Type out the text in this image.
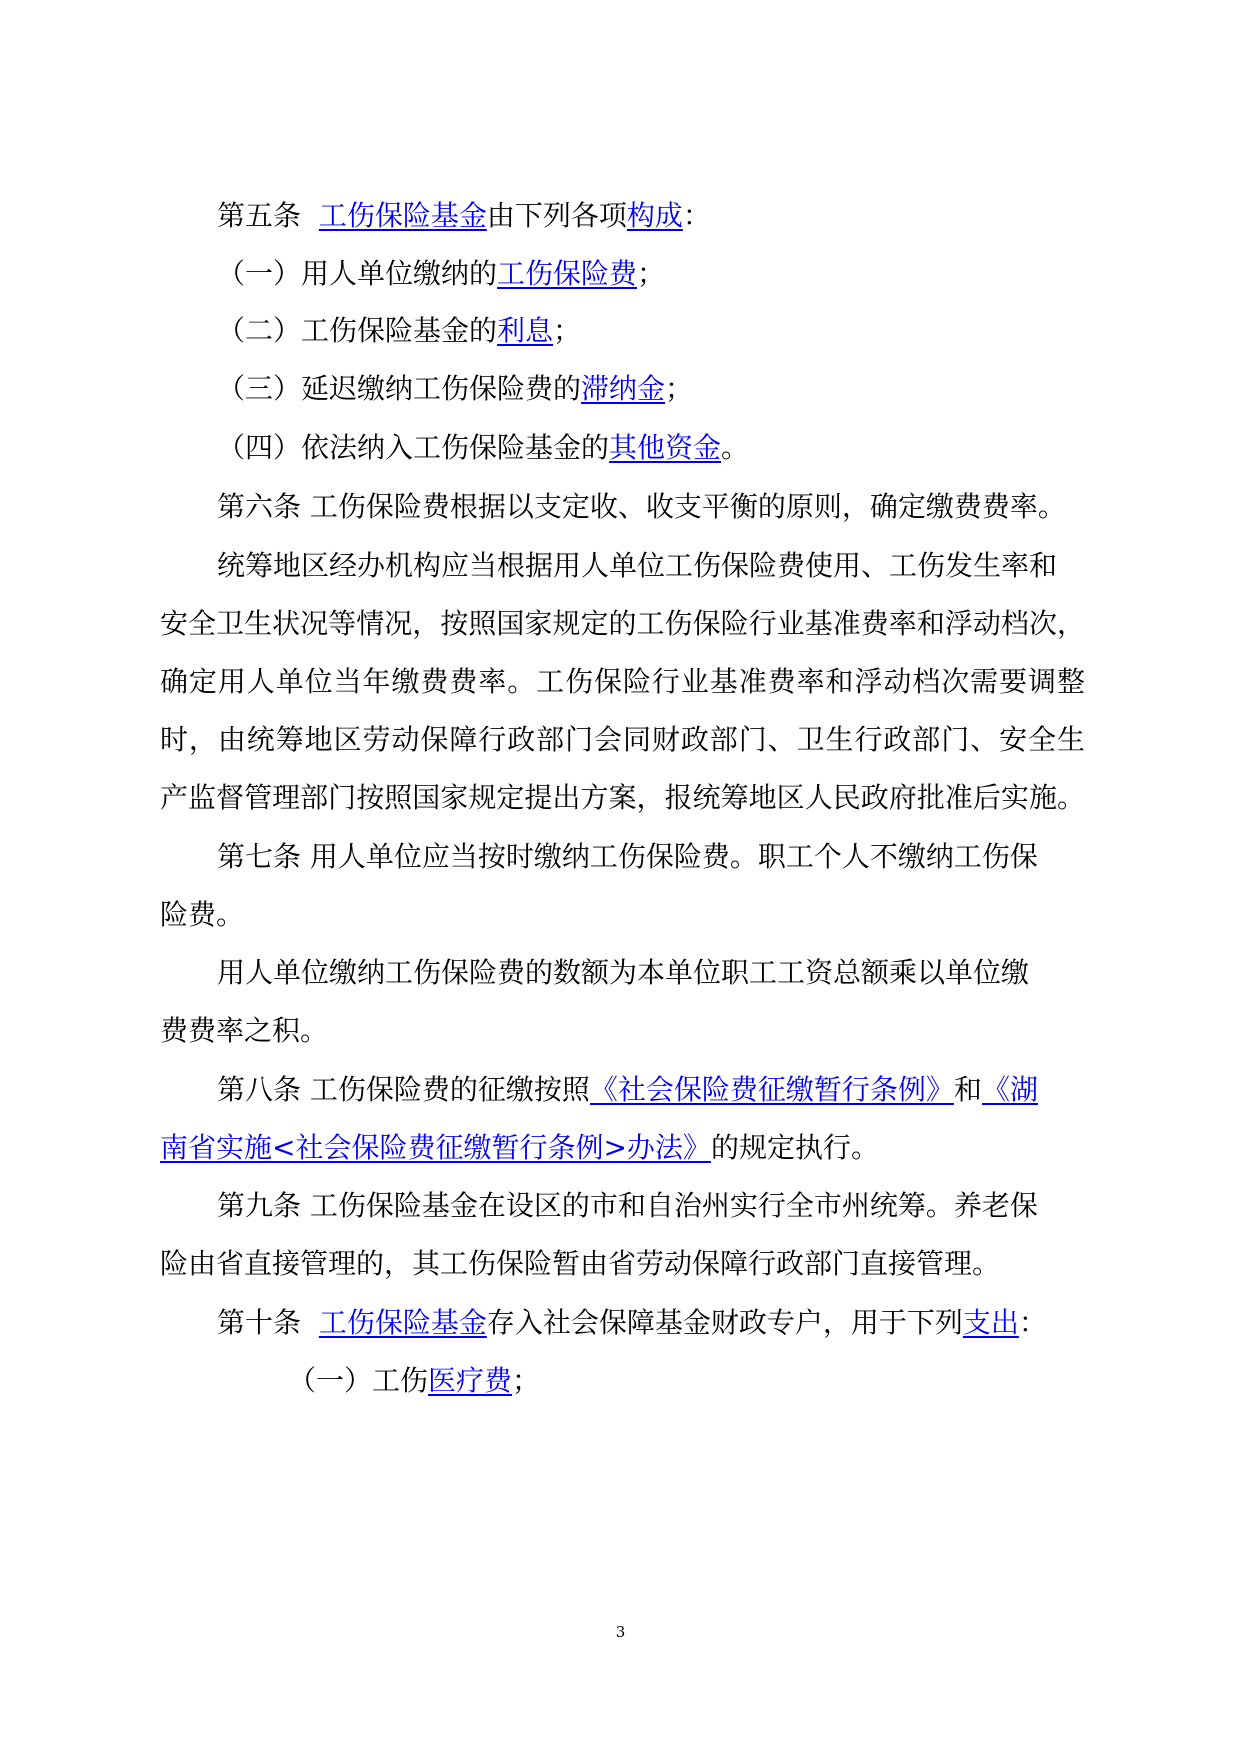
第五条 工伤保险基金由下列各项构成：
（一）用人单位缴纳的工伤保险费；
（二）工伤保险基金的利息；
（三）延迟缴纳工伤保险费的滞纳金；
（四）依法纳入工伤保险基金的其他资金。
第六条 工伤保险费根据以支定收、收支平衡的原则，确定缴费费率。
统筹地区经办机构应当根据用人单位工伤保险费使用、工伤发生率和
安全卫生状况等情况，按照国家规定的工伤保险行业基准费率和浮动档次，
确定用人单位当年缴费费率。工伤保险行业基准费率和浮动档次需要调整
时，由统筹地区劳动保障行政部门会同财政部门、卫生行政部门、安全生
产监督管理部门按照国家规定提出方案，报统筹地区人民政府批准后实施。
第七条 用人单位应当按时缴纳工伤保险费。职工个人不缴纳工伤保
险费。
用人单位缴纳工伤保险费的数额为本单位职工工资总额乘以单位缴
费费率之积。
第八条 工伤保险费的征缴按照《社会保险费征缴暂行条例》和《湖
南省实施<社会保险费征缴暂行条例>办法》的规定执行。
第九条 工伤保险基金在设区的市和自治州实行全市州统筹。养老保
险由省直接管理的，其工伤保险暂由省劳动保障行政部门直接管理。
第十条 工伤保险基金存入社会保障基金财政专户，用于下列支出：
（一）工伤医疗费；
3
